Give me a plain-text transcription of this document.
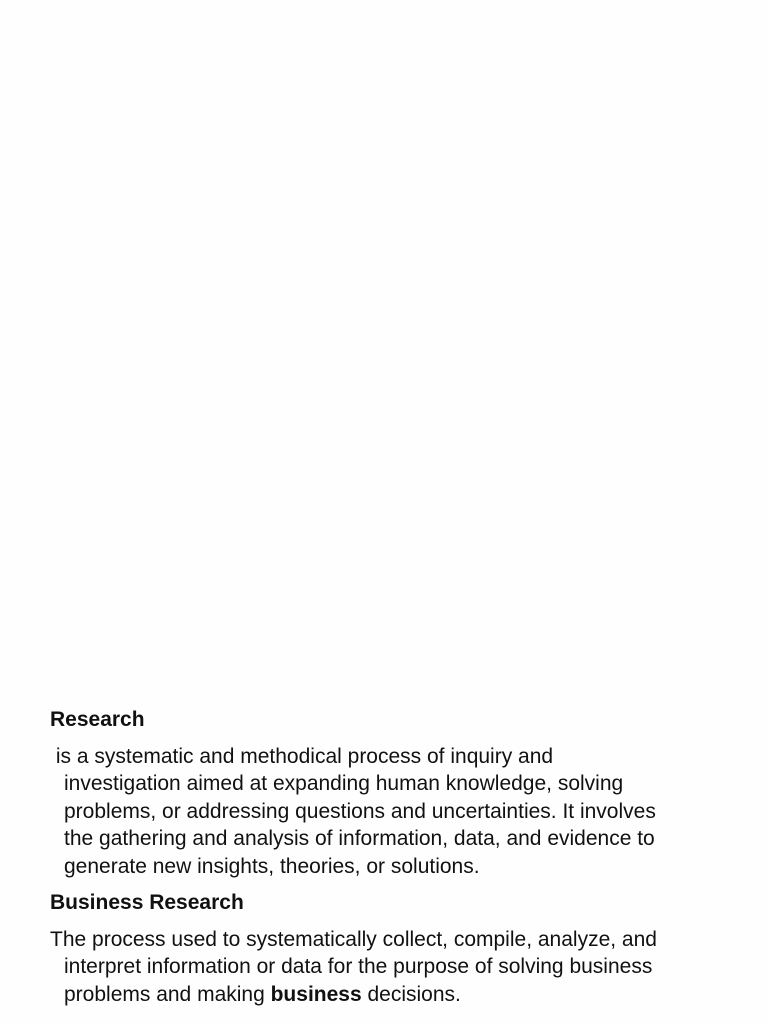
Research

is a systematic and methodical process of inquiry and
investigation aimed at expanding human knowledge, solving
problems, or addressing questions and uncertainties. It involves
the gathering and analysis of information, data, and evidence to
generate new insights, theories, or solutions.

Business Research

The process used to systematically collect, compile, analyze, and
interpret information or data for the purpose of solving business
problems and making business decisions.
